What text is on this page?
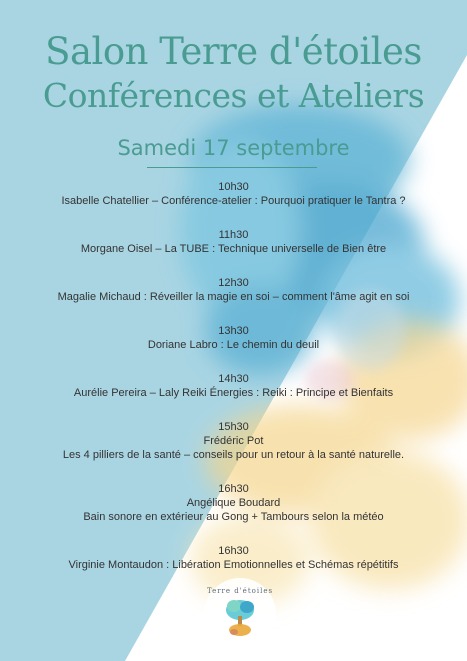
Salon Terre d'étoiles
Conférences et Ateliers
Samedi 17 septembre
10h30
Isabelle Chatellier – Conférence-atelier : Pourquoi pratiquer le Tantra ?
11h30
Morgane Oisel – La TUBE : Technique universelle de Bien être
12h30
Magalie Michaud : Réveiller la magie en soi – comment l'âme agit en soi
13h30
Doriane Labro : Le chemin du deuil
14h30
Aurélie Pereira – Laly Reiki Énergies : Reiki : Principe et Bienfaits
15h30
Frédéric Pot
Les 4 pilliers de la santé – conseils pour un retour à la santé naturelle.
16h30
Angélique Boudard
Bain sonore en extérieur au Gong + Tambours selon la météo
16h30
Virginie Montaudon : Libération Emotionnelles et Schémas répétitifs
Terre d'étoiles
